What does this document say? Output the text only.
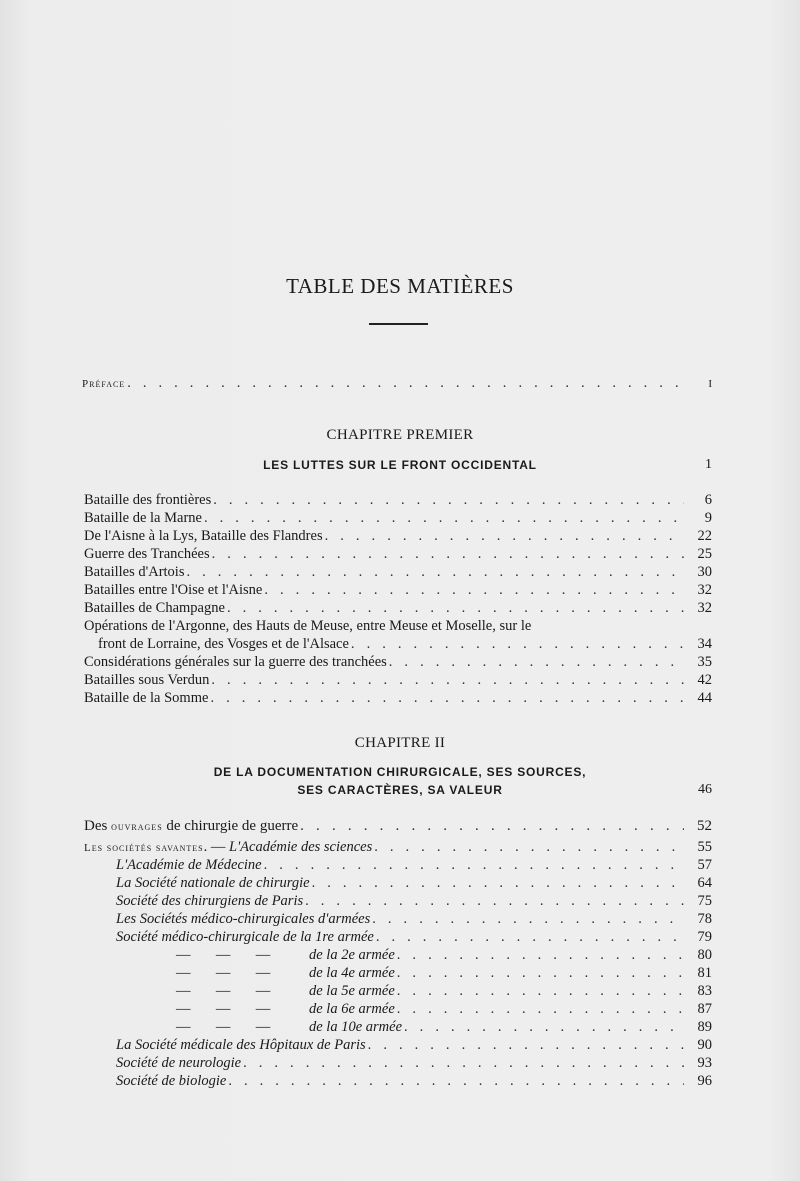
TABLE DES MATIÈRES
Préface . . .	I
CHAPITRE PREMIER
LES LUTTES SUR LE FRONT OCCIDENTAL	1
Bataille des frontières . . .	6
Bataille de la Marne . . .	9
De l'Aisne à la Lys, Bataille des Flandres . . .	22
Guerre des Tranchées . . .	25
Batailles d'Artois . . .	30
Batailles entre l'Oise et l'Aisne . . .	32
Batailles de Champagne . . .	32
Opérations de l'Argonne, des Hauts de Meuse, entre Meuse et Moselle, sur le
front de Lorraine, des Vosges et de l'Alsace . . .	34
Considérations générales sur la guerre des tranchées . . .	35
Batailles sous Verdun . . .	42
Bataille de la Somme . . .	44
CHAPITRE II
DE LA DOCUMENTATION CHIRURGICALE, SES SOURCES,
SES CARACTÈRES, SA VALEUR	46
Des ouvrages de chirurgie de guerre . . .	52
Les sociétés savantes. — L'Académie des sciences . . .	55
L'Académie de Médecine . . .	57
La Société nationale de chirurgie . . .	64
Société des chirurgiens de Paris . . .	75
Les Sociétés médico-chirurgicales d'armées . . .	78
Société médico-chirurgicale de la 1re armée . . .	79
—       —       —	de la 2e armée . . .	80
—       —       —	de la 4e armée . . .	81
—       —       —	de la 5e armée . . .	83
—       —       —	de la 6e armée . . .	87
—       —       —	de la 10e armée . . .	89
La Société médicale des Hôpitaux de Paris . . .	90
Société de neurologie . . .	93
Société de biologie . . .	96
